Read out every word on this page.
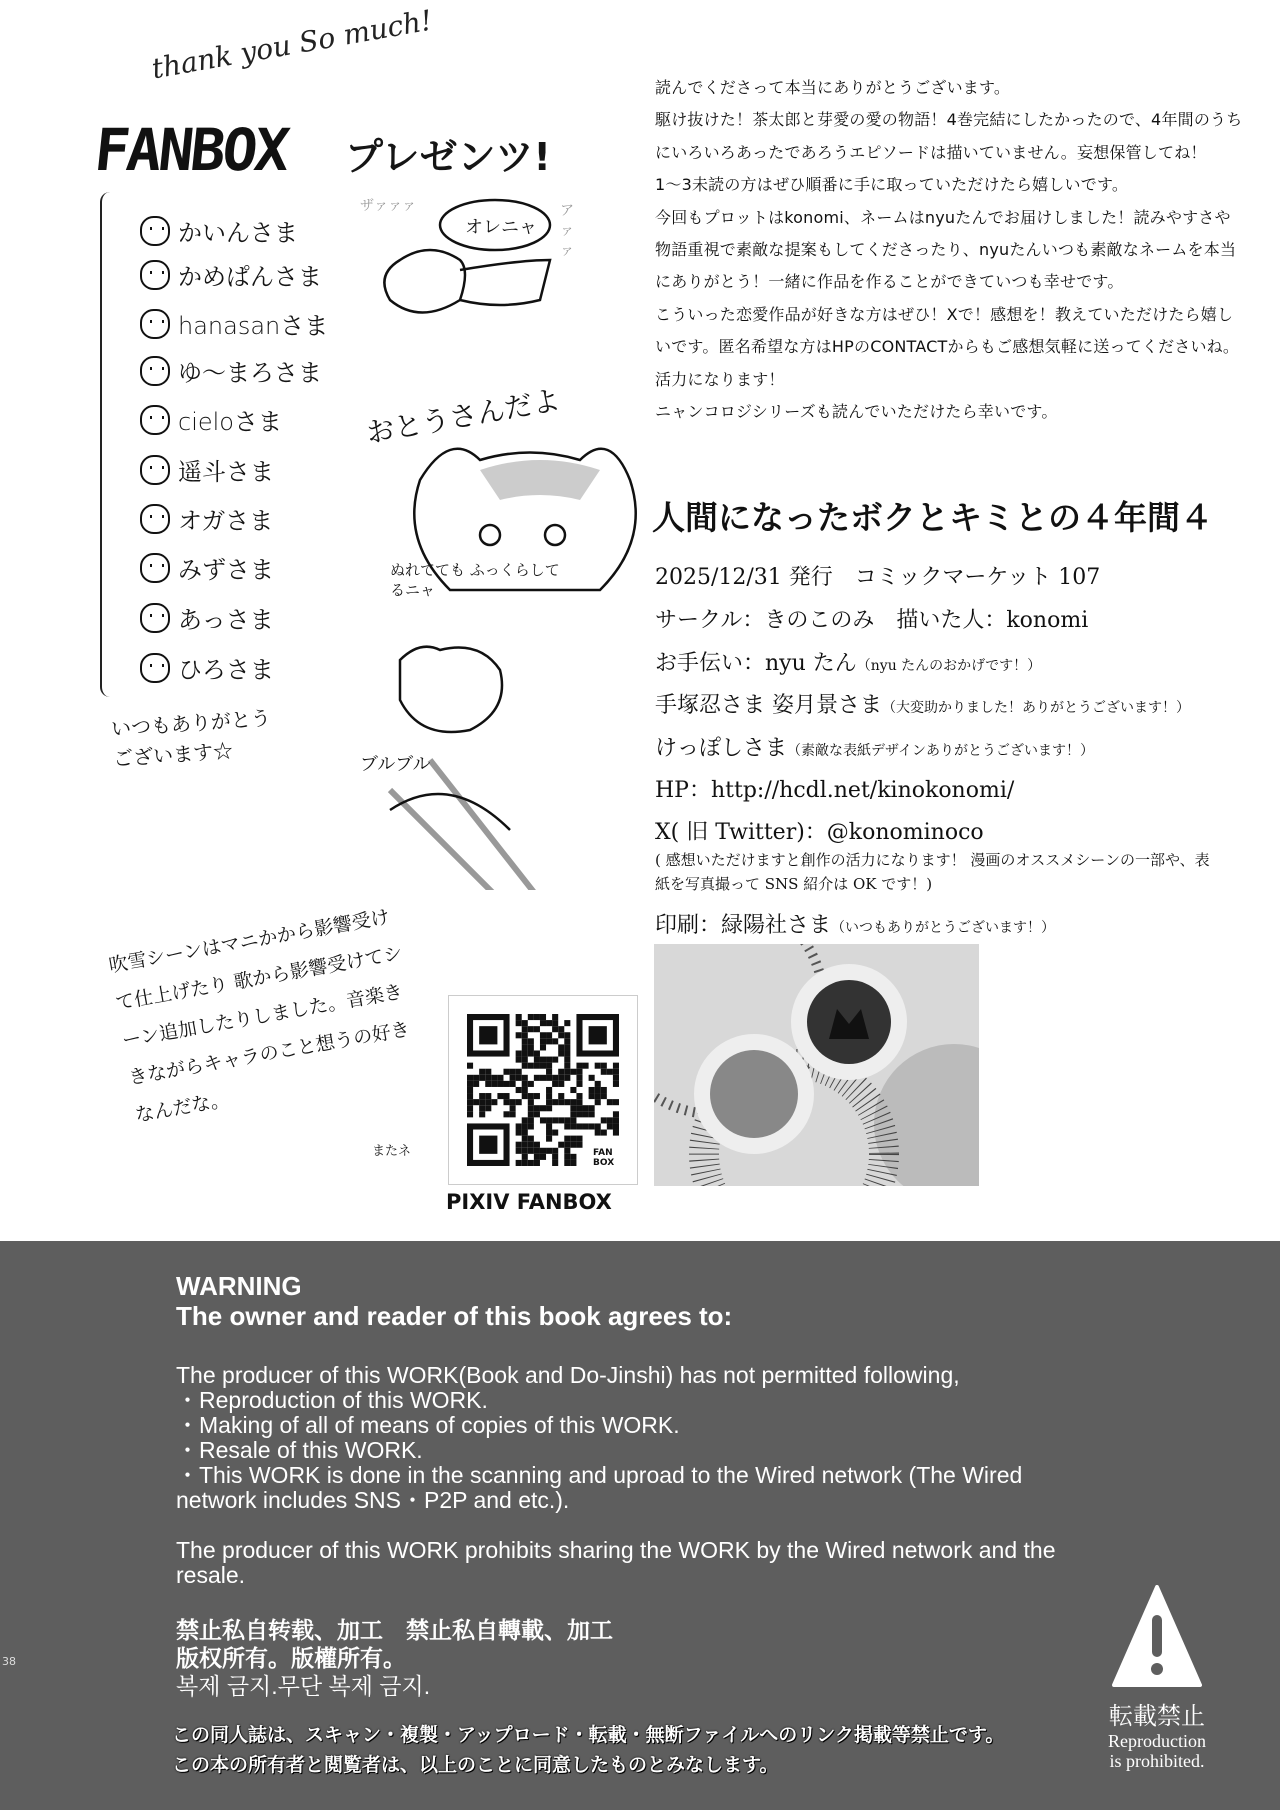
読んでくださって本当にありがとうございます。

駆け抜けた！茶太郎と芽愛の愛の物語！4巻完結にしたかったので、4年間のうちにいろいろあったであろうエピソードは描いていません。妄想保管してね！

1〜3未読の方はぜひ順番に手に取っていただけたら嬉しいです。

今回もプロットはkonomi、ネームはnyuたんでお届けしました！読みやすさや物語重視で素敵な提案もしてくださったり、nyuたんいつも素敵なネームを本当にありがとう！一緒に作品を作ることができていつも幸せです。

こういった恋愛作品が好きな方はぜひ！Xで！感想を！教えていただけたら嬉しいです。匿名希望な方はHPのCONTACTからもご感想気軽に送ってくださいね。活力になります！

ニャンコロジシリーズも読んでいただけたら幸いです。

人間になったボクとキミとの４年間４
2025/12/31 発行　コミックマーケット 107
サークル：きのこのみ　描いた人：konomi
お手伝い：nyu たん（nyu たんのおかげです！）
手塚忍さま 姿月景さま（大変助かりました！ありがとうございます！）
けっぽしさま（素敵な表紙デザインありがとうございます！）
HP：http://hcdl.net/kinokonomi/
X( 旧 Twitter)：@konominoco
( 感想いただけますと創作の活力になります！ 漫画のオススメシーンの一部や、表紙を写真撮って SNS 紹介は OK です！)
印刷：緑陽社さま（いつもありがとうございます！）
thank you So much!
FANBOX プレゼンツ!
かいんさま
かめぱんさま
hanasanさま
ゆ〜まろさま
cieloさま
遥斗さま
オガさま
みずさま
あっさま
ひろさま
いつもありがとうございます☆
ザァァァ
オレニャ
アァァ
おとうさんだよ
ぬれてても ふっくらしてるニャ
ブルブル
吹雪シーンはマニかから影響受けて仕上げたり 歌から影響受けてシーン追加したりしました。音楽ききながらキャラのこと想うの好きなんだな。
またネ	FAN BOX
PIXIV FANBOX
WARNING
The owner and reader of this book agrees to:

The producer of this WORK(Book and Do-Jinshi) has not permitted following,
・Reproduction of this WORK.
・Making of all of means of copies of this WORK.
・Resale of this WORK.
・This WORK is done in the scanning and uproad to the Wired network (The Wired network includes SNS・P2P and etc.).

The producer of this WORK prohibits sharing the WORK by the Wired network and the resale.

禁止私自转载、加工　禁止私自轉載、加工
版权所有。版權所有。
복제 금지.무단 복제 금지.
この同人誌は、スキャン・複製・アップロード・転載・無断ファイルへのリンク掲載等禁止です。
この本の所有者と閲覧者は、以上のことに同意したものとみなします。
転載禁止
Reproduction
is prohibited.
38
